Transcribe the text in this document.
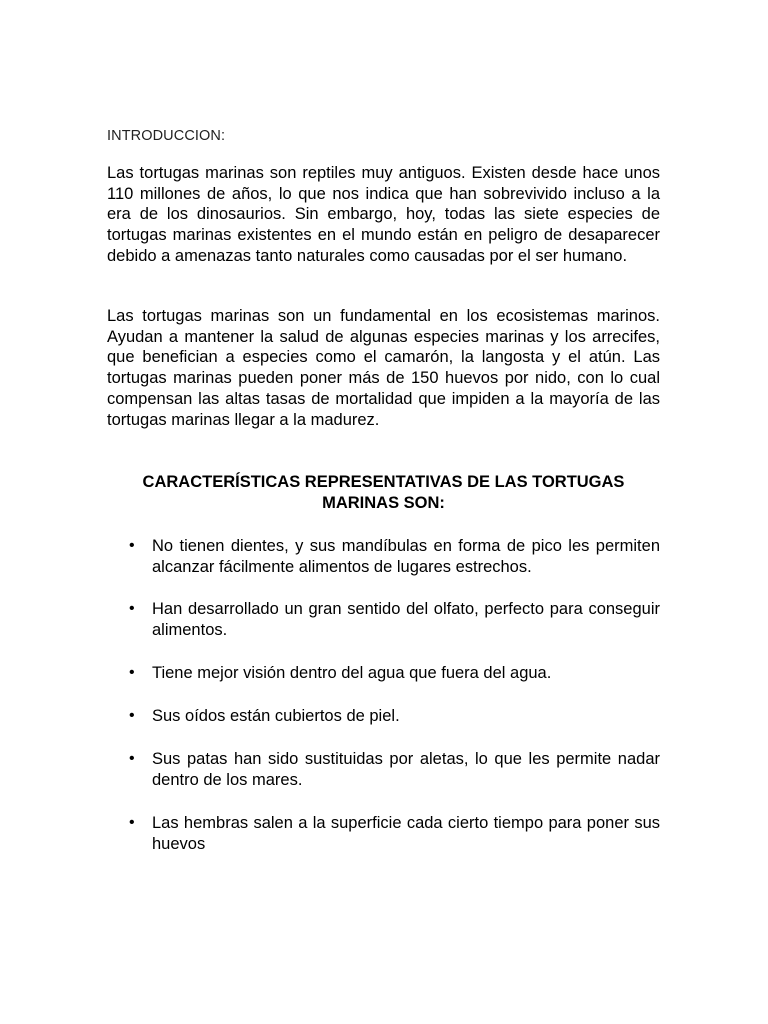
INTRODUCCION:

Las tortugas marinas son reptiles muy antiguos. Existen desde hace unos 110 millones de años, lo que nos indica que han sobrevivido incluso a la era de los dinosaurios. Sin embargo, hoy, todas las siete especies de tortugas marinas existentes en el mundo están en peligro de desaparecer debido a amenazas tanto naturales como causadas por el ser humano.

Las tortugas marinas son un fundamental en los ecosistemas marinos. Ayudan a mantener la salud de algunas especies marinas y los arrecifes, que benefician a especies como el camarón, la langosta y el atún. Las tortugas marinas pueden poner más de 150 huevos por nido, con lo cual compensan las altas tasas de mortalidad que impiden a la mayoría de las tortugas marinas llegar a la madurez.

CARACTERÍSTICAS REPRESENTATIVAS DE LAS TORTUGAS
MARINAS SON:
• No tienen dientes, y sus mandíbulas en forma de pico les permiten alcanzar fácilmente alimentos de lugares estrechos.
• Han desarrollado un gran sentido del olfato, perfecto para conseguir alimentos.
• Tiene mejor visión dentro del agua que fuera del agua.
• Sus oídos están cubiertos de piel.
• Sus patas han sido sustituidas por aletas, lo que les permite nadar dentro de los mares.
• Las hembras salen a la superficie cada cierto tiempo para poner sus huevos
